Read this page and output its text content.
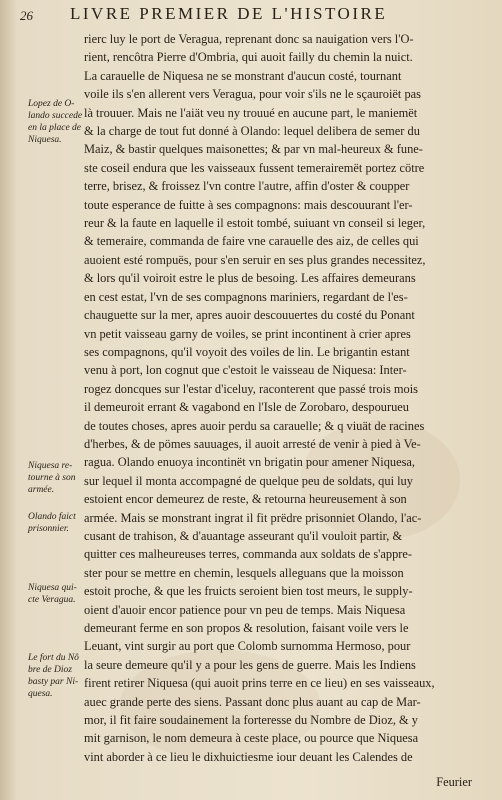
26 LIVRE PREMIER DE L'HISTOIRE
rierc luy le port de Veragua, reprenant donc sa nauigation vers l'O-
rient, rencôtra Pierre d'Ombria, qui auoit failly du chemin la nuict.
La carauelle de Niquesa ne se monstrant d'aucun costé, tournant
voile ils s'en allerent vers Veragua, pour voir s'ils ne le sçauroiët pas
là trouuer. Mais ne l'aiät veu ny trouué en aucune part, le maniemët
& la charge de tout fut donné à Olando: lequel delibera de semer du
Maiz, & bastir quelques maisonettes; & par vn mal-heureux & fune-
ste coseil endura que les vaisseaux fussent temerairemët portez cötre
terre, brisez, & froissez l'vn contre l'autre, affin d'oster & coupper
toute esperance de fuitte à ses compagnons: mais descouurant l'er-
reur & la faute en laquelle il estoit tombé, suiuant vn conseil si leger,
& temeraire, commanda de faire vne carauelle des aiz, de celles qui
auoient esté rompuës, pour s'en seruir en ses plus grandes necessitez,
& lors qu'il voiroit estre le plus de besoing. Les affaires demeurans
en cest estat, l'vn de ses compagnons mariniers, regardant de l'es-
chauguette sur la mer, apres auoir descouuertes du costé du Ponant
vn petit vaisseau garny de voiles, se print incontinent à crier apres
ses compagnons, qu'il voyoit des voiles de lin. Le brigantin estant
venu à port, lon cognut que c'estoit le vaisseau de Niquesa: Inter-
rogez doncques sur l'estar d'iceluy, raconterent que passé trois mois
il demeuroit errant & vagabond en l'Isle de Zorobaro, despourueu
de toutes choses, apres auoir perdu sa carauelle; & q viuät de racines
d'herbes, & de pömes sauuages, il auoit arresté de venir à pied à Ve-
ragua. Olando enuoya incontinët vn brigatin pour amener Niquesa,
sur lequel il monta accompagné de quelque peu de soldats, qui luy
estoient encor demeurez de reste, & retourna heureusement à son
armée. Mais se monstrant ingrat il fit prëdre prisonniet Olando, l'ac-
cusant de trahison, & d'auantage asseurant qu'il vouloit partir, &
quitter ces malheureuses terres, commanda aux soldats de s'appre-
ster pour se mettre en chemin, lesquels alleguans que la moisson
estoit proche, & que les fruicts seroient bien tost meurs, le supply-
oient d'auoir encor patience pour vn peu de temps. Mais Niquesa
demeurant ferme en son propos & resolution, faisant voile vers le
Leuant, vint surgir au port que Colomb surnomma Hermoso, pour
la seure demeure qu'il y a pour les gens de guerre. Mais les Indiens
firent retirer Niquesa (qui auoit prins terre en ce lieu) en ses vaisseaux,
auec grande perte des siens. Passant donc plus auant au cap de Mar-
mor, il fit faire soudainement la forteresse du Nombre de Dioz, & y
mit garnison, le nom demeura à ceste place, ou pource que Niquesa
vint aborder à ce lieu le dixhuictiesme iour deuant les Calendes de
Lopez de O-
lando succede
en la place de
Niquesa.
Niquesa re-
tourne à son
armée.
Olando faict
prisonnier.
Niquesa qui-
cte Veragua.
Le fort du Nô
bre de Dioz
basty par Ni-
quesa.
Feurier
